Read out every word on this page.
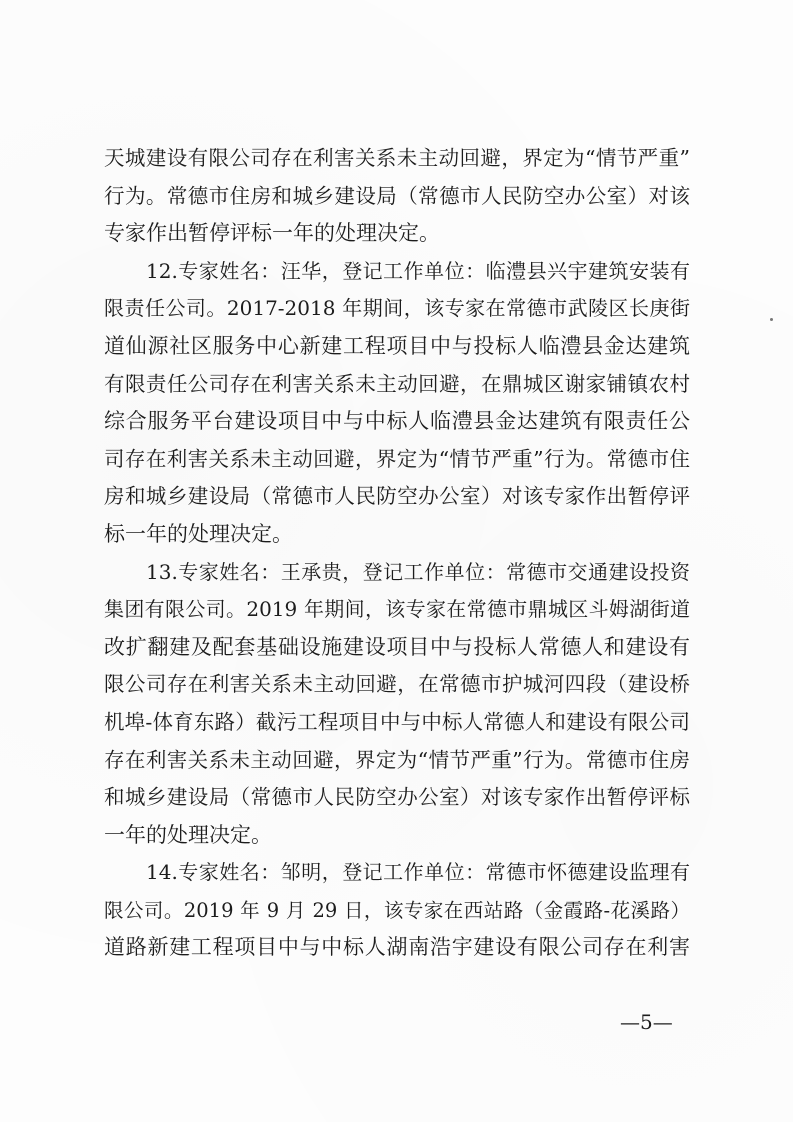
天城建设有限公司存在利害关系未主动回避，界定为“情节严重”
行为。常德市住房和城乡建设局（常德市人民防空办公室）对该
专家作出暂停评标一年的处理决定。
12.专家姓名：汪华，登记工作单位：临澧县兴宇建筑安装有
限责任公司。2017-2018 年期间，该专家在常德市武陵区长庚街
道仙源社区服务中心新建工程项目中与投标人临澧县金达建筑
有限责任公司存在利害关系未主动回避，在鼎城区谢家铺镇农村
综合服务平台建设项目中与中标人临澧县金达建筑有限责任公
司存在利害关系未主动回避，界定为“情节严重”行为。常德市住
房和城乡建设局（常德市人民防空办公室）对该专家作出暂停评
标一年的处理决定。
13.专家姓名：王承贵，登记工作单位：常德市交通建设投资
集团有限公司。2019 年期间，该专家在常德市鼎城区斗姆湖街道
改扩翻建及配套基础设施建设项目中与投标人常德人和建设有
限公司存在利害关系未主动回避，在常德市护城河四段（建设桥
机埠-体育东路）截污工程项目中与中标人常德人和建设有限公司
存在利害关系未主动回避，界定为“情节严重”行为。常德市住房
和城乡建设局（常德市人民防空办公室）对该专家作出暂停评标
一年的处理决定。
14.专家姓名：邹明，登记工作单位：常德市怀德建设监理有
限公司。2019 年 9 月 29 日，该专家在西站路（金霞路-花溪路）
道路新建工程项目中与中标人湖南浩宇建设有限公司存在利害
—5—
